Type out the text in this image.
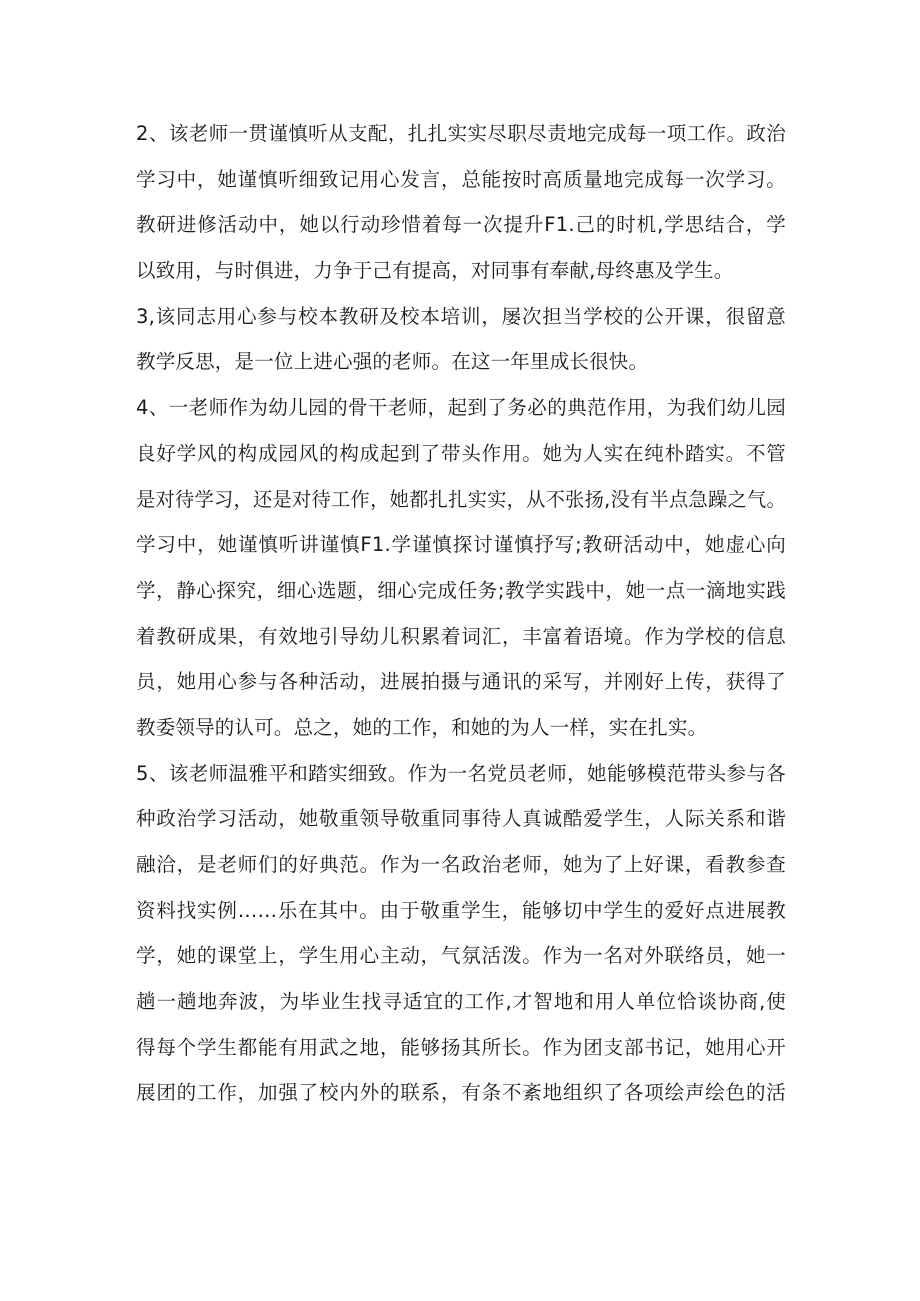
2、该老师一贯谨慎听从支配，扎扎实实尽职尽责地完成每一项工作。政治
学习中，她谨慎听细致记用心发言，总能按时高质量地完成每一次学习。
教研进修活动中，她以行动珍惜着每一次提升F1.己的时机,学思结合，学
以致用，与时俱进，力争于己有提高，对同事有奉献,母终惠及学生。
3,该同志用心参与校本教研及校本培训，屡次担当学校的公开课，很留意
教学反思，是一位上进心强的老师。在这一年里成长很快。
4、一老师作为幼儿园的骨干老师，起到了务必的典范作用，为我们幼儿园
良好学风的构成园风的构成起到了带头作用。她为人实在纯朴踏实。不管
是对待学习，还是对待工作，她都扎扎实实，从不张扬,没有半点急躁之气。
学习中，她谨慎听讲谨慎F1.学谨慎探讨谨慎抒写;教研活动中，她虚心向
学，静心探究，细心选题，细心完成任务;教学实践中，她一点一滴地实践
着教研成果，有效地引导幼儿积累着词汇，丰富着语境。作为学校的信息
员，她用心参与各种活动，进展拍摄与通讯的采写，并刚好上传，获得了
教委领导的认可。总之，她的工作，和她的为人一样，实在扎实。
5、该老师温雅平和踏实细致。作为一名党员老师，她能够模范带头参与各
种政治学习活动，她敬重领导敬重同事待人真诚酷爱学生，人际关系和谐
融洽，是老师们的好典范。作为一名政治老师，她为了上好课，看教参查
资料找实例……乐在其中。由于敬重学生，能够切中学生的爱好点进展教
学，她的课堂上，学生用心主动，气氛活泼。作为一名对外联络员，她一
趟一趟地奔波，为毕业生找寻适宜的工作,才智地和用人单位恰谈协商,使
得每个学生都能有用武之地，能够扬其所长。作为团支部书记，她用心开
展团的工作，加强了校内外的联系，有条不紊地组织了各项绘声绘色的活
